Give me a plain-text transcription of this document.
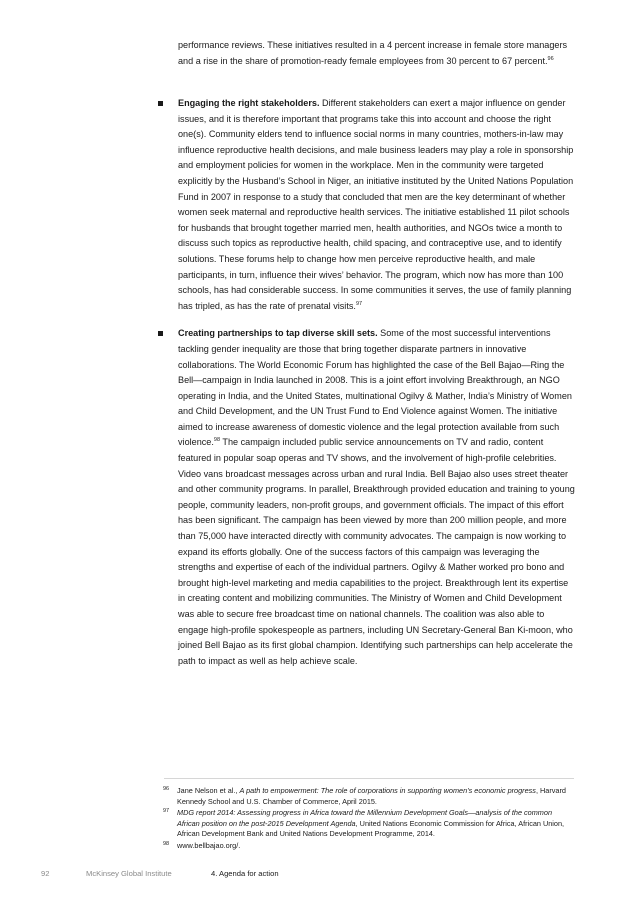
performance reviews. These initiatives resulted in a 4 percent increase in female store managers and a rise in the share of promotion-ready female employees from 30 percent to 67 percent.$^{96}$
Engaging the right stakeholders. Different stakeholders can exert a major influence on gender issues, and it is therefore important that programs take this into account and choose the right one(s). Community elders tend to influence social norms in many countries, mothers-in-law may influence reproductive health decisions, and male business leaders may play a role in sponsorship and employment policies for women in the workplace. Men in the community were targeted explicitly by the Husband’s School in Niger, an initiative instituted by the United Nations Population Fund in 2007 in response to a study that concluded that men are the key determinant of whether women seek maternal and reproductive health services. The initiative established 11 pilot schools for husbands that brought together married men, health authorities, and NGOs twice a month to discuss such topics as reproductive health, child spacing, and contraceptive use, and to identify solutions. These forums help to change how men perceive reproductive health, and male participants, in turn, influence their wives’ behavior. The program, which now has more than 100 schools, has had considerable success. In some communities it serves, the use of family planning has tripled, as has the rate of prenatal visits.$^{97}$
Creating partnerships to tap diverse skill sets. Some of the most successful interventions tackling gender inequality are those that bring together disparate partners in innovative collaborations. The World Economic Forum has highlighted the case of the Bell Bajao—Ring the Bell—campaign in India launched in 2008. This is a joint effort involving Breakthrough, an NGO operating in India, and the United States, multinational Ogilvy & Mather, India’s Ministry of Women and Child Development, and the UN Trust Fund to End Violence against Women. The initiative aimed to increase awareness of domestic violence and the legal protection available from such violence.$^{98}$ The campaign included public service announcements on TV and radio, content featured in popular soap operas and TV shows, and the involvement of high-profile celebrities. Video vans broadcast messages across urban and rural India. Bell Bajao also uses street theater and other community programs. In parallel, Breakthrough provided education and training to young people, community leaders, non-profit groups, and government officials. The impact of this effort has been significant. The campaign has been viewed by more than 200 million people, and more than 75,000 have interacted directly with community advocates. The campaign is now working to expand its efforts globally. One of the success factors of this campaign was leveraging the strengths and expertise of each of the individual partners. Ogilvy & Mather worked pro bono and brought high-level marketing and media capabilities to the project. Breakthrough lent its expertise in creating content and mobilizing communities. The Ministry of Women and Child Development was able to secure free broadcast time on national channels. The coalition was also able to engage high-profile spokespeople as partners, including UN Secretary-General Ban Ki-moon, who joined Bell Bajao as its first global champion. Identifying such partnerships can help accelerate the path to impact as well as help achieve scale.
96 Jane Nelson et al., A path to empowerment: The role of corporations in supporting women’s economic progress, Harvard Kennedy School and U.S. Chamber of Commerce, April 2015.
97 MDG report 2014: Assessing progress in Africa toward the Millennium Development Goals—analysis of the common African position on the post-2015 Development Agenda, United Nations Economic Commission for Africa, African Union, African Development Bank and United Nations Development Programme, 2014.
98 www.bellbajao.org/.
92	McKinsey Global Institute	4. Agenda for action
